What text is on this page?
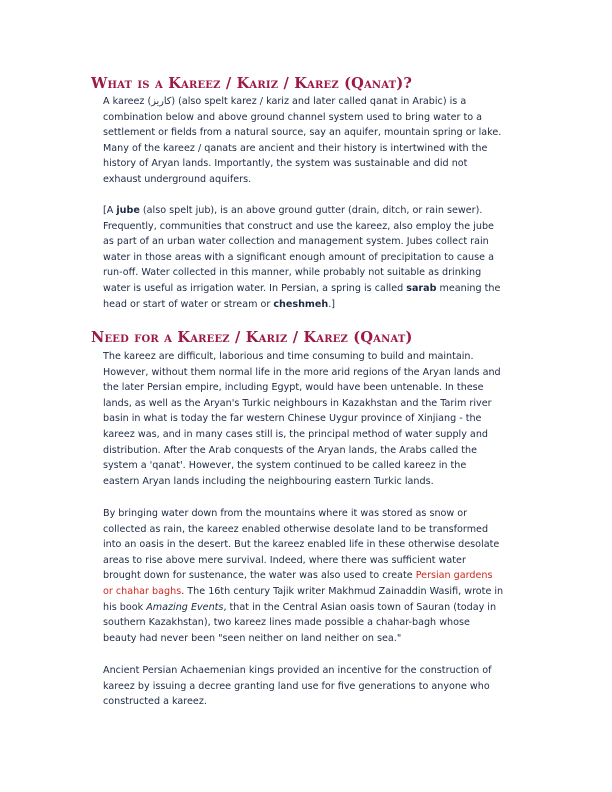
What is a Kareez / Kariz / Karez (Qanat)?

A kareez (کاریز) (also spelt karez / kariz and later called qanat in Arabic) is a
combination below and above ground channel system used to bring water to a
settlement or fields from a natural source, say an aquifer, mountain spring or lake.
Many of the kareez / qanats are ancient and their history is intertwined with the
history of Aryan lands. Importantly, the system was sustainable and did not
exhaust underground aquifers.

[A jube (also spelt jub), is an above ground gutter (drain, ditch, or rain sewer).
Frequently, communities that construct and use the kareez, also employ the jube
as part of an urban water collection and management system. Jubes collect rain
water in those areas with a significant enough amount of precipitation to cause a
run-off. Water collected in this manner, while probably not suitable as drinking
water is useful as irrigation water. In Persian, a spring is called sarab meaning the
head or start of water or stream or cheshmeh.]

Need for a Kareez / Kariz / Karez (Qanat)

The kareez are difficult, laborious and time consuming to build and maintain.
However, without them normal life in the more arid regions of the Aryan lands and
the later Persian empire, including Egypt, would have been untenable. In these
lands, as well as the Aryan's Turkic neighbours in Kazakhstan and the Tarim river
basin in what is today the far western Chinese Uygur province of Xinjiang - the
kareez was, and in many cases still is, the principal method of water supply and
distribution. After the Arab conquests of the Aryan lands, the Arabs called the
system a 'qanat'. However, the system continued to be called kareez in the
eastern Aryan lands including the neighbouring eastern Turkic lands.

By bringing water down from the mountains where it was stored as snow or
collected as rain, the kareez enabled otherwise desolate land to be transformed
into an oasis in the desert. But the kareez enabled life in these otherwise desolate
areas to rise above mere survival. Indeed, where there was sufficient water
brought down for sustenance, the water was also used to create Persian gardens
or chahar baghs. The 16th century Tajik writer Makhmud Zainaddin Wasifi, wrote in
his book Amazing Events, that in the Central Asian oasis town of Sauran (today in
southern Kazakhstan), two kareez lines made possible a chahar-bagh whose
beauty had never been "seen neither on land neither on sea."

Ancient Persian Achaemenian kings provided an incentive for the construction of
kareez by issuing a decree granting land use for five generations to anyone who
constructed a kareez.
